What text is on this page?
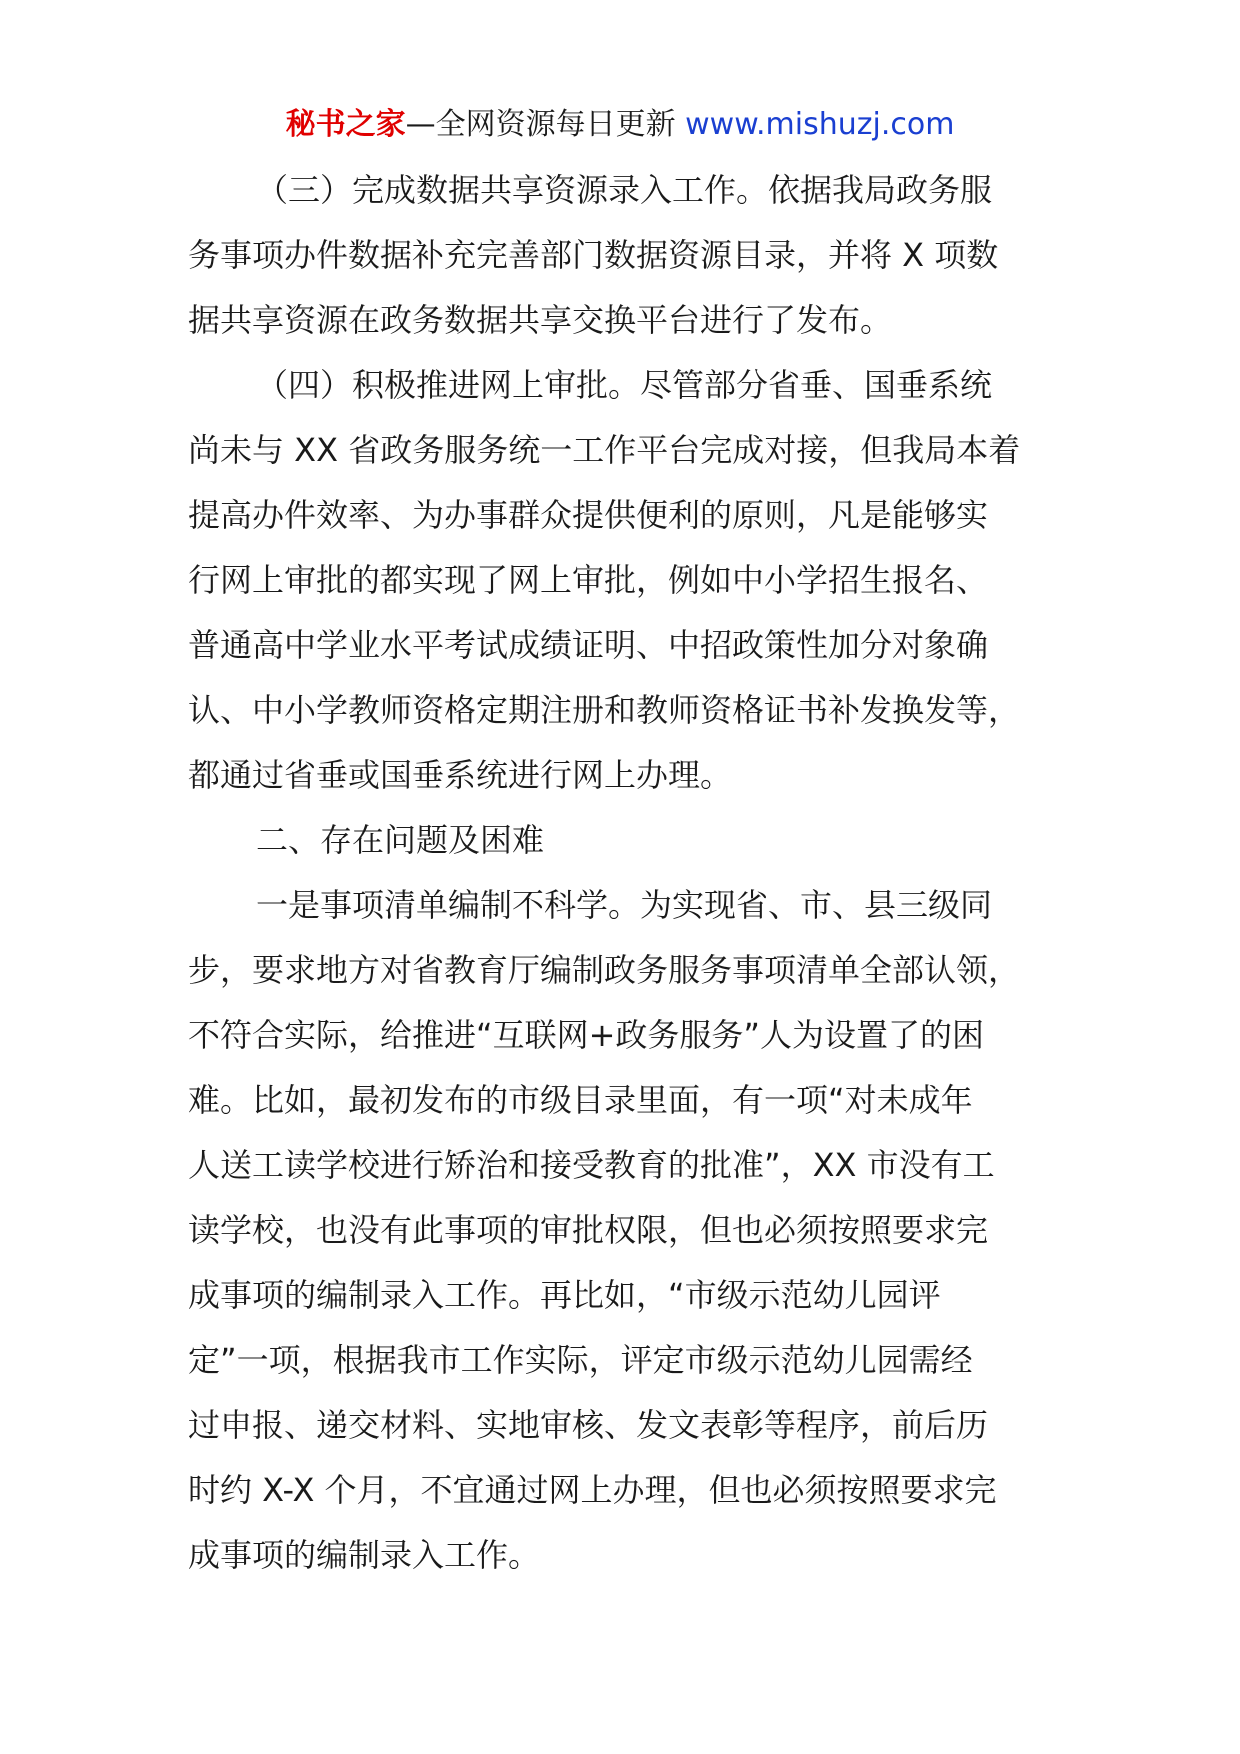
秘书之家—全网资源每日更新 www.mishuzj.com
（三）完成数据共享资源录入工作。依据我局政务服
务事项办件数据补充完善部门数据资源目录，并将 X 项数
据共享资源在政务数据共享交换平台进行了发布。
（四）积极推进网上审批。尽管部分省垂、国垂系统
尚未与 XX 省政务服务统一工作平台完成对接，但我局本着
提高办件效率、为办事群众提供便利的原则，凡是能够实
行网上审批的都实现了网上审批，例如中小学招生报名、
普通高中学业水平考试成绩证明、中招政策性加分对象确
认、中小学教师资格定期注册和教师资格证书补发换发等，
都通过省垂或国垂系统进行网上办理。
二、存在问题及困难
一是事项清单编制不科学。为实现省、市、县三级同
步，要求地方对省教育厅编制政务服务事项清单全部认领，
不符合实际，给推进“互联网+政务服务”人为设置了的困
难。比如，最初发布的市级目录里面，有一项“对未成年
人送工读学校进行矫治和接受教育的批准”，XX 市没有工
读学校，也没有此事项的审批权限，但也必须按照要求完
成事项的编制录入工作。再比如，“市级示范幼儿园评
定”一项，根据我市工作实际，评定市级示范幼儿园需经
过申报、递交材料、实地审核、发文表彰等程序，前后历
时约 X-X 个月，不宜通过网上办理，但也必须按照要求完
成事项的编制录入工作。
